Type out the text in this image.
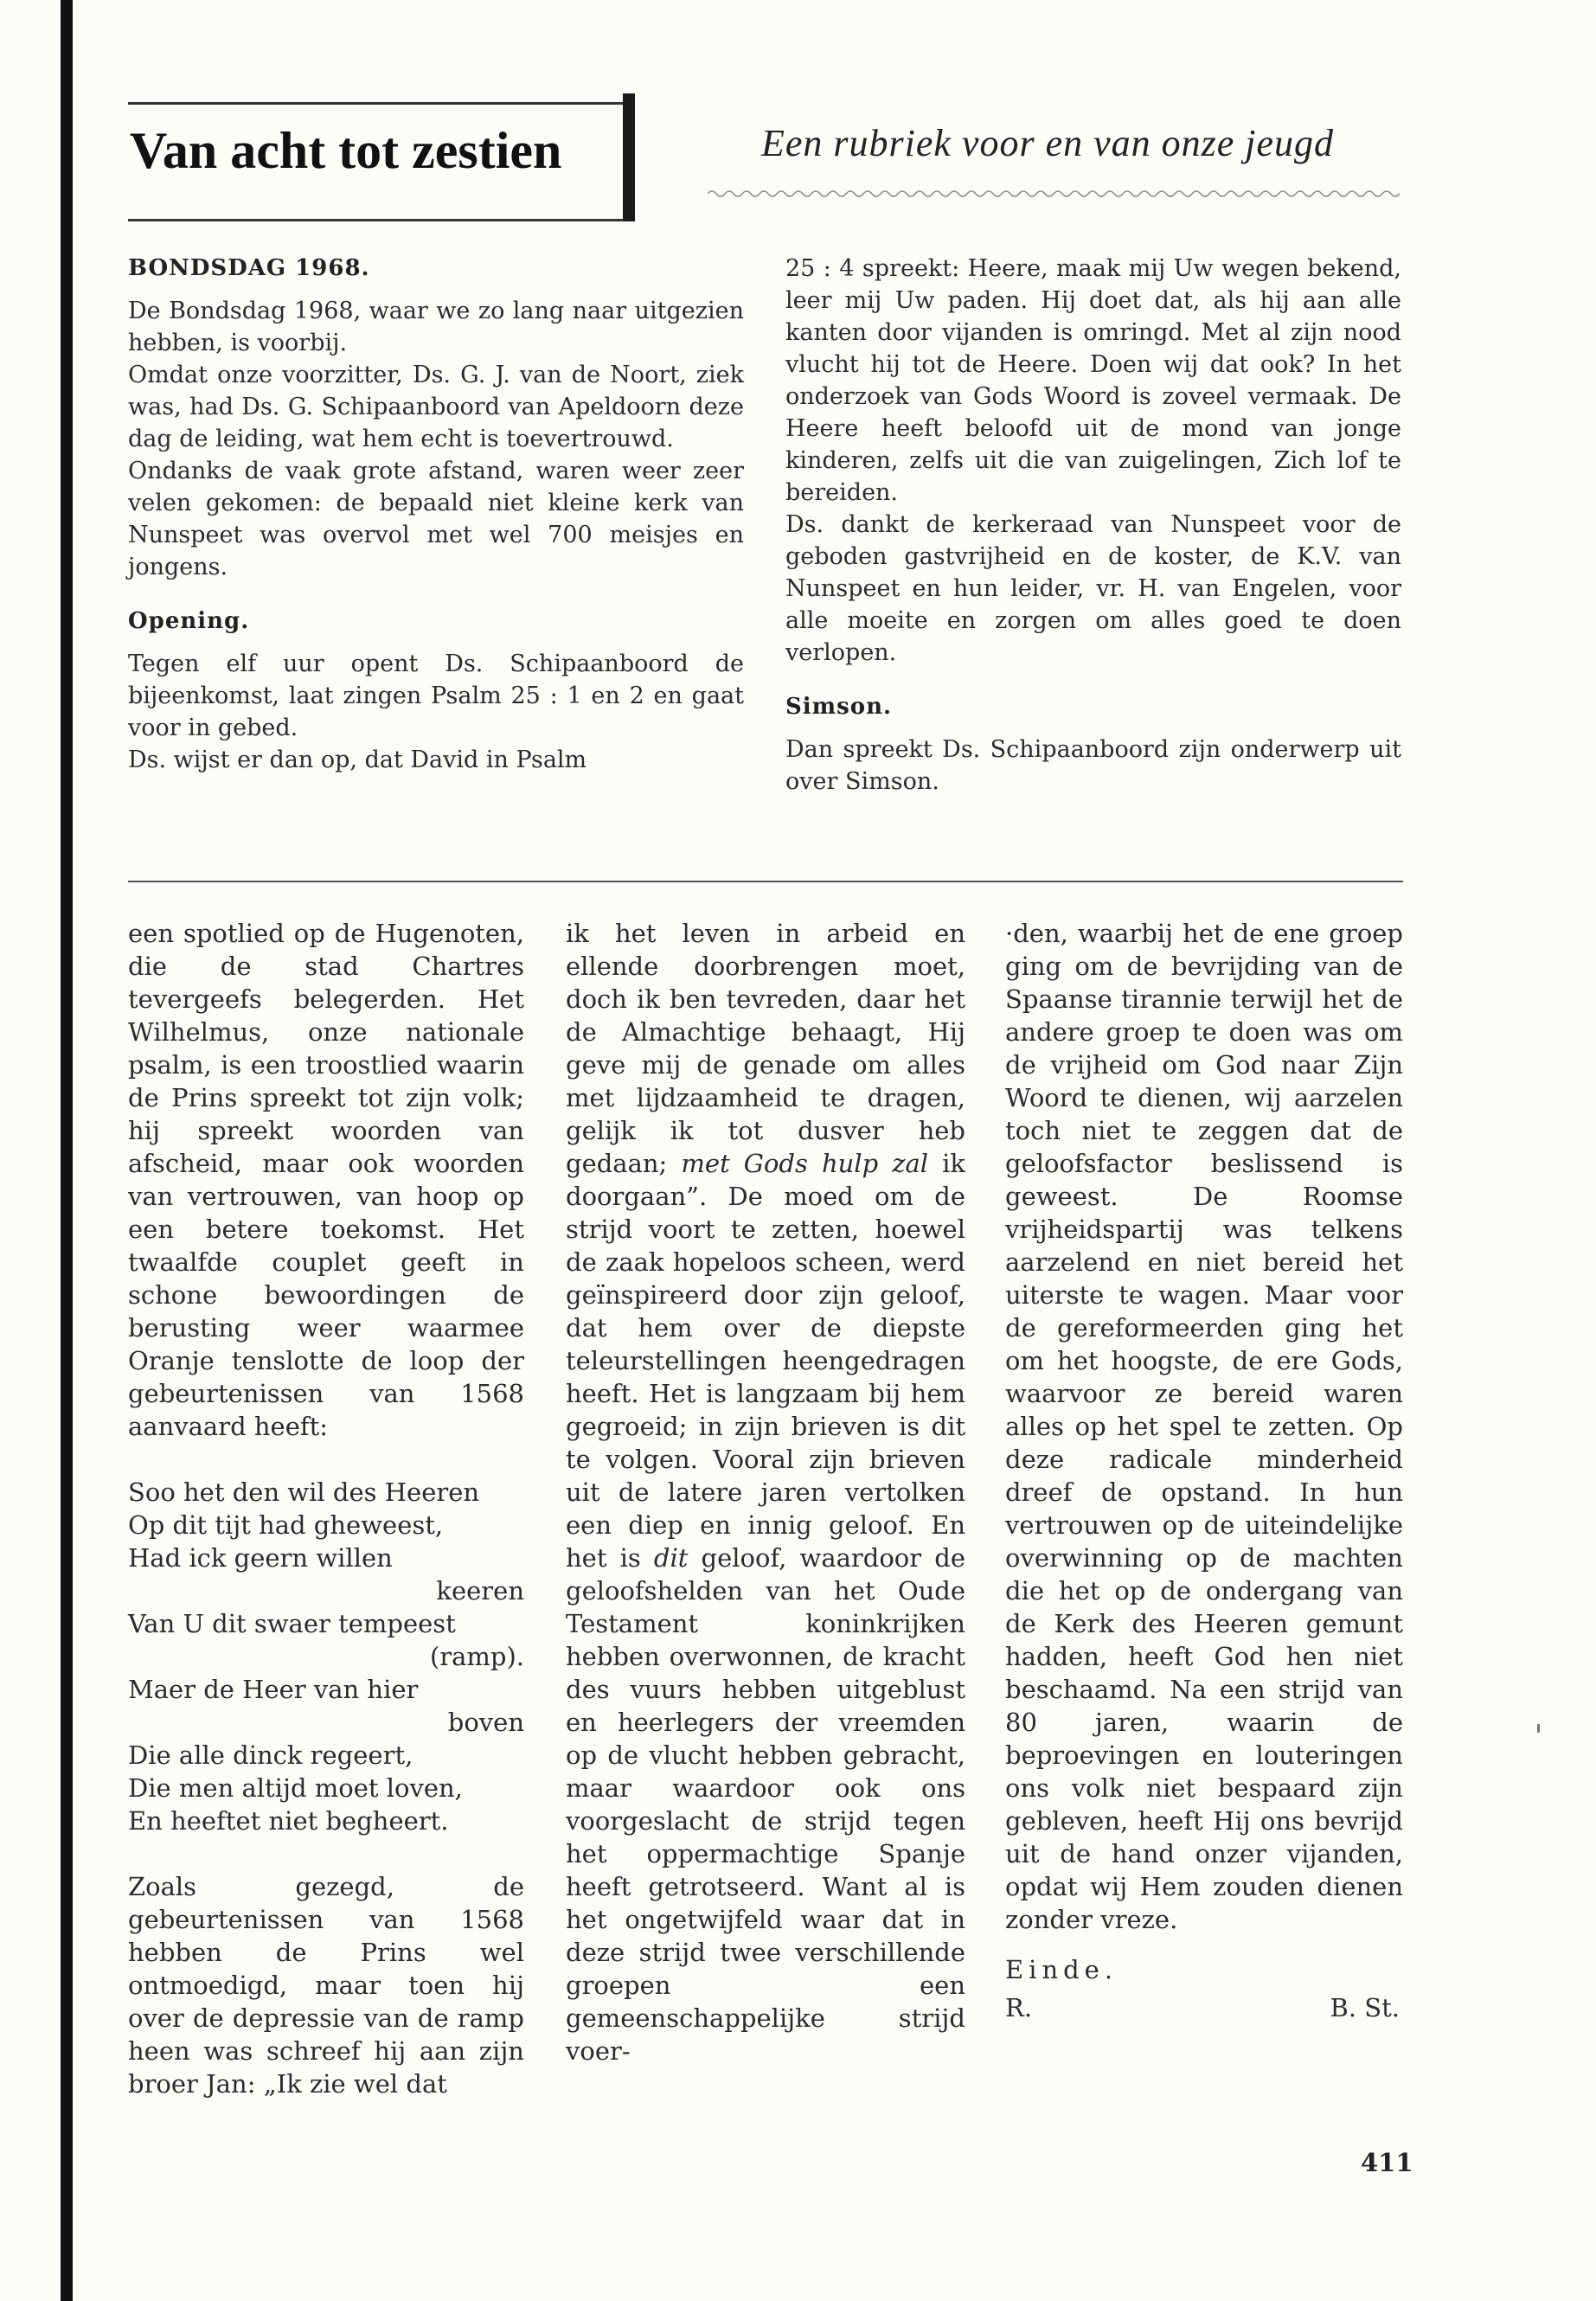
Van acht tot zestien	Een rubriek voor en van onze jeugd
BONDSDAG 1968.

De Bondsdag 1968, waar we zo lang naar uitgezien hebben, is voorbij.

Omdat onze voorzitter, Ds. G. J. van de Noort, ziek was, had Ds. G. Schipaanboord van Apeldoorn deze dag de leiding, wat hem echt is toevertrouwd.

Ondanks de vaak grote afstand, waren weer zeer velen gekomen: de bepaald niet kleine kerk van Nunspeet was overvol met wel 700 meisjes en jongens.

Opening.

Tegen elf uur opent Ds. Schipaanboord de bijeenkomst, laat zingen Psalm 25 : 1 en 2 en gaat voor in gebed.

Ds. wijst er dan op, dat David in Psalm

25 : 4 spreekt: Heere, maak mij Uw wegen bekend, leer mij Uw paden. Hij doet dat, als hij aan alle kanten door vijanden is omringd. Met al zijn nood vlucht hij tot de Heere. Doen wij dat ook? In het onderzoek van Gods Woord is zoveel vermaak. De Heere heeft beloofd uit de mond van jonge kinderen, zelfs uit die van zuigelingen, Zich lof te bereiden.

Ds. dankt de kerkeraad van Nunspeet voor de geboden gastvrijheid en de koster, de K.V. van Nunspeet en hun leider, vr. H. van Engelen, voor alle moeite en zorgen om alles goed te doen verlopen.

Simson.

Dan spreekt Ds. Schipaanboord zijn onderwerp uit over Simson.

een spotlied op de Hugenoten, die de stad Chartres tevergeefs belegerden. Het Wilhelmus, onze nationale psalm, is een troostlied waarin de Prins spreekt tot zijn volk; hij spreekt woorden van afscheid, maar ook woorden van vertrouwen, van hoop op een betere toekomst. Het twaalfde couplet geeft in schone bewoordingen de berusting weer waarmee Oranje tenslotte de loop der gebeurtenissen van 1568 aanvaard heeft:

Soo het den wil des Heeren
Op dit tijt had gheweest,
Had ick geern willen
keeren
Van U dit swaer tempeest
(ramp).
Maer de Heer van hier
boven
Die alle dinck regeert,
Die men altijd moet loven,
En heeftet niet begheert.

Zoals gezegd, de gebeurtenissen van 1568 hebben de Prins wel ontmoedigd, maar toen hij over de depressie van de ramp heen was schreef hij aan zijn broer Jan: „Ik zie wel dat

ik het leven in arbeid en ellende doorbrengen moet, doch ik ben tevreden, daar het de Almachtige behaagt, Hij geve mij de genade om alles met lijdzaamheid te dragen, gelijk ik tot dusver heb gedaan; met Gods hulp zal ik doorgaan”. De moed om de strijd voort te zetten, hoewel de zaak hopeloos scheen, werd geïnspireerd door zijn geloof, dat hem over de diepste teleurstellingen heengedragen heeft. Het is langzaam bij hem gegroeid; in zijn brieven is dit te volgen. Vooral zijn brieven uit de latere jaren vertolken een diep en innig geloof. En het is dit geloof, waardoor de geloofshelden van het Oude Testament koninkrijken hebben overwonnen, de kracht des vuurs hebben uitgeblust en heerlegers der vreemden op de vlucht hebben gebracht, maar waardoor ook ons voorgeslacht de strijd tegen het oppermachtige Spanje heeft getrotseerd. Want al is het ongetwijfeld waar dat in deze strijd twee verschillende groepen een gemeenschappelijke strijd voer-

·den, waarbij het de ene groep ging om de bevrijding van de Spaanse tirannie terwijl het de andere groep te doen was om de vrijheid om God naar Zijn Woord te dienen, wij aarzelen toch niet te zeggen dat de geloofsfactor beslissend is geweest. De Roomse vrijheidspartij was telkens aarzelend en niet bereid het uiterste te wagen. Maar voor de gereformeerden ging het om het hoogste, de ere Gods, waarvoor ze bereid waren alles op het spel te zetten. Op deze radicale minderheid dreef de opstand. In hun vertrouwen op de uiteindelijke overwinning op de machten die het op de ondergang van de Kerk des Heeren gemunt hadden, heeft God hen niet beschaamd. Na een strijd van 80 jaren, waarin de beproevingen en louteringen ons volk niet bespaard zijn gebleven, heeft Hij ons bevrijd uit de hand onzer vijanden, opdat wij Hem zouden dienen zonder vreze.

Einde.

R.	B. St.
411
